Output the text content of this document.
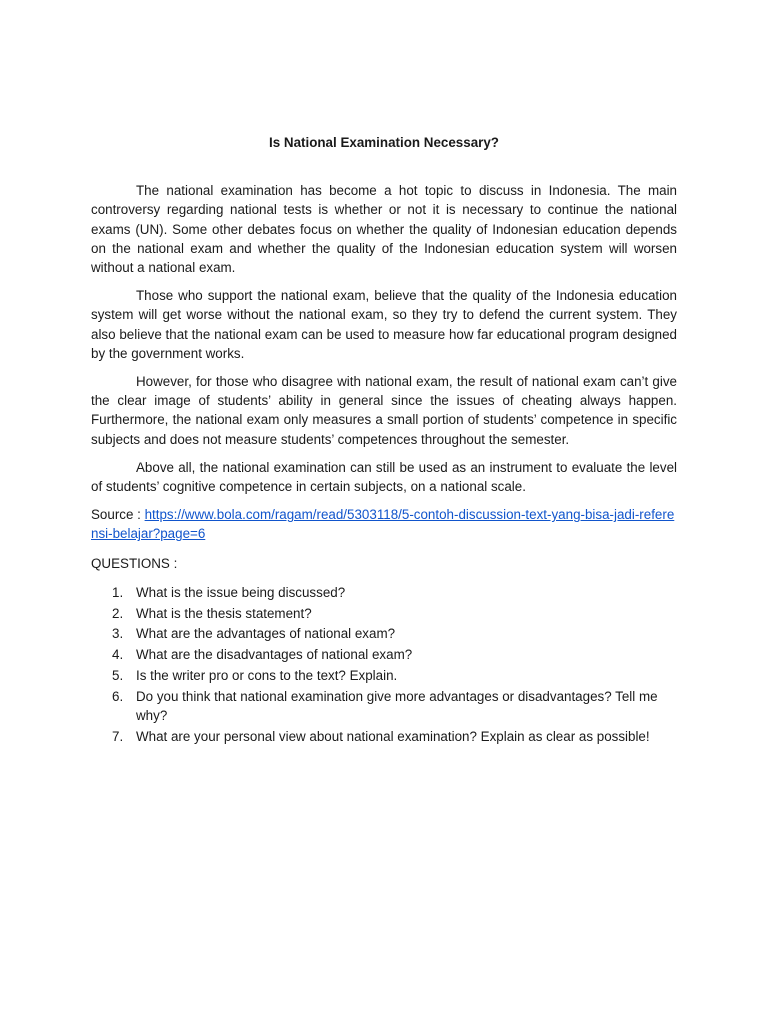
Is National Examination Necessary?

The national examination has become a hot topic to discuss in Indonesia. The main controversy regarding national tests is whether or not it is necessary to continue the national exams (UN). Some other debates focus on whether the quality of Indonesian education depends on the national exam and whether the quality of the Indonesian education system will worsen without a national exam.

Those who support the national exam, believe that the quality of the Indonesia education system will get worse without the national exam, so they try to defend the current system. They also believe that the national exam can be used to measure how far educational program designed by the government works.

However, for those who disagree with national exam, the result of national exam can’t give the clear image of students’ ability in general since the issues of cheating always happen. Furthermore, the national exam only measures a small portion of students’ competence in specific subjects and does not measure students’ competences throughout the semester.

Above all, the national examination can still be used as an instrument to evaluate the level of students’ cognitive competence in certain subjects, on a national scale.

Source : https://www.bola.com/ragam/read/5303118/5-contoh-discussion-text-yang-bisa-jadi-referensi-belajar?page=6

QUESTIONS :

1. What is the issue being discussed?
2. What is the thesis statement?
3. What are the advantages of national exam?
4. What are the disadvantages of national exam?
5. Is the writer pro or cons to the text? Explain.
6. Do you think that national examination give more advantages or disadvantages? Tell me why?
7. What are your personal view about national examination? Explain as clear as possible!
